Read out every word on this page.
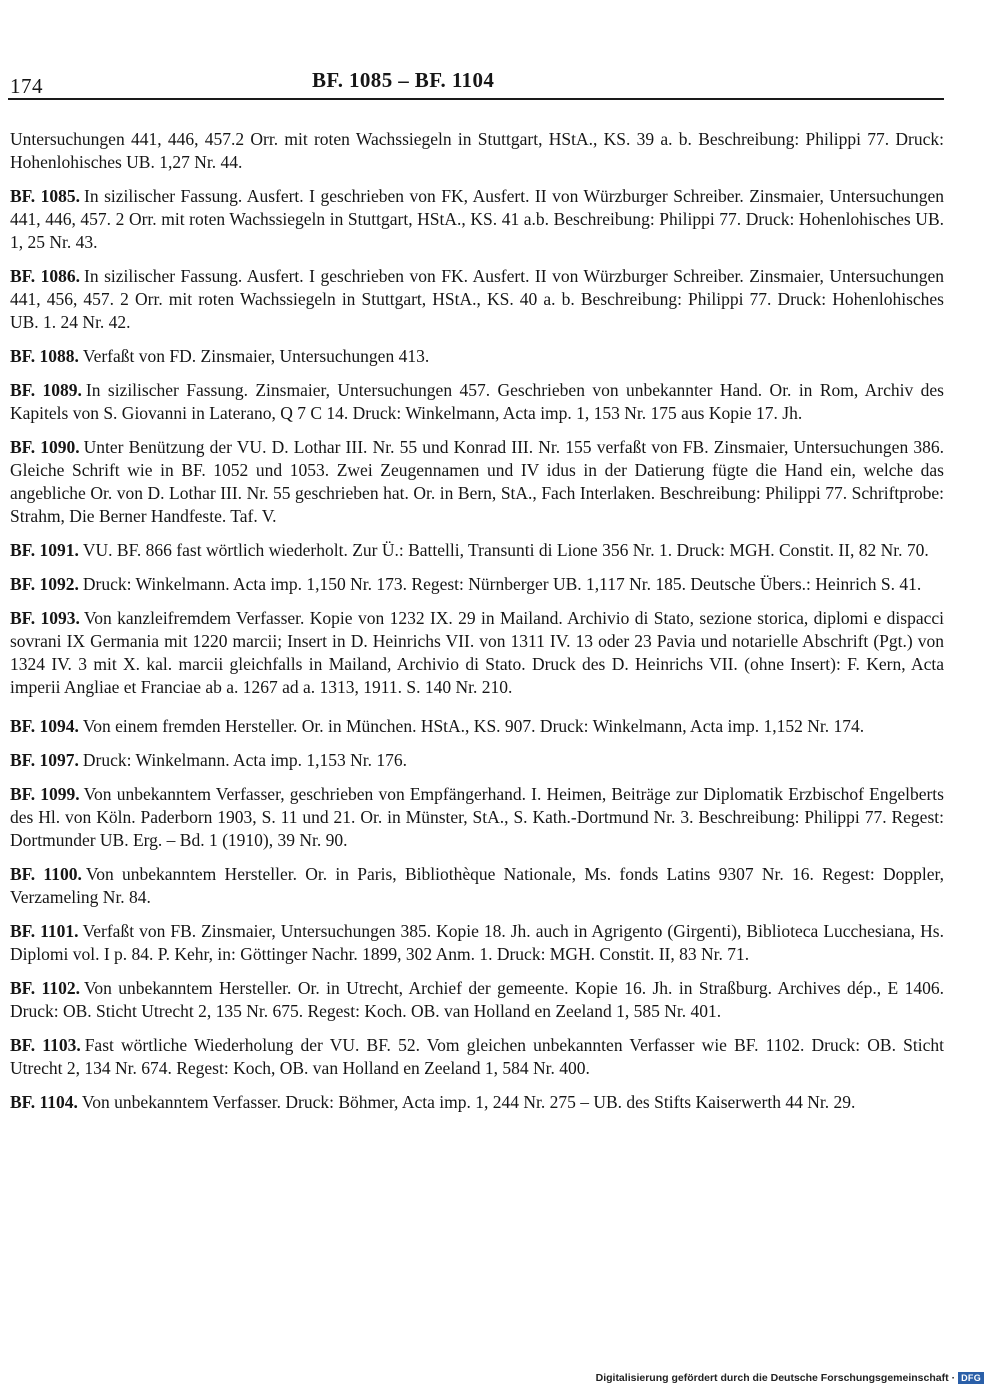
174	BF. 1085 – BF. 1104

Untersuchungen 441, 446, 457.2 Orr. mit roten Wachssiegeln in Stuttgart, HStA., KS. 39 a. b. Beschreibung: Philippi 77. Druck: Hohenlohisches UB. 1,27 Nr. 44.

BF. 1085. In sizilischer Fassung. Ausfert. I geschrieben von FK, Ausfert. II von Würzburger Schreiber. Zinsmaier, Untersuchungen 441, 446, 457. 2 Orr. mit roten Wachssiegeln in Stuttgart, HStA., KS. 41 a.b. Beschreibung: Philippi 77. Druck: Hohenlohisches UB. 1, 25 Nr. 43.

BF. 1086. In sizilischer Fassung. Ausfert. I geschrieben von FK. Ausfert. II von Würzburger Schreiber. Zinsmaier, Untersuchungen 441, 456, 457. 2 Orr. mit roten Wachssiegeln in Stuttgart, HStA., KS. 40 a. b. Beschreibung: Philippi 77. Druck: Hohenlohisches UB. 1. 24 Nr. 42.

BF. 1088. Verfaßt von FD. Zinsmaier, Untersuchungen 413.

BF. 1089. In sizilischer Fassung. Zinsmaier, Untersuchungen 457. Geschrieben von unbekannter Hand. Or. in Rom, Archiv des Kapitels von S. Giovanni in Laterano, Q 7 C 14. Druck: Winkelmann, Acta imp. 1, 153 Nr. 175 aus Kopie 17. Jh.

BF. 1090. Unter Benützung der VU. D. Lothar III. Nr. 55 und Konrad III. Nr. 155 verfaßt von FB. Zinsmaier, Untersuchungen 386. Gleiche Schrift wie in BF. 1052 und 1053. Zwei Zeugennamen und IV idus in der Datierung fügte die Hand ein, welche das angebliche Or. von D. Lothar III. Nr. 55 geschrieben hat. Or. in Bern, StA., Fach Interlaken. Beschreibung: Philippi 77. Schriftprobe: Strahm, Die Berner Handfeste. Taf. V.

BF. 1091. VU. BF. 866 fast wörtlich wiederholt. Zur Ü.: Battelli, Transunti di Lione 356 Nr. 1. Druck: MGH. Constit. II, 82 Nr. 70.

BF. 1092. Druck: Winkelmann. Acta imp. 1,150 Nr. 173. Regest: Nürnberger UB. 1,117 Nr. 185. Deutsche Übers.: Heinrich S. 41.

BF. 1093. Von kanzleifremdem Verfasser. Kopie von 1232 IX. 29 in Mailand. Archivio di Stato, sezione storica, diplomi e dispacci sovrani IX Germania mit 1220 marcii; Insert in D. Heinrichs VII. von 1311 IV. 13 oder 23 Pavia und notarielle Abschrift (Pgt.) von 1324 IV. 3 mit X. kal. marcii gleichfalls in Mailand, Archivio di Stato. Druck des D. Heinrichs VII. (ohne Insert): F. Kern, Acta imperii Angliae et Franciae ab a. 1267 ad a. 1313, 1911. S. 140 Nr. 210.

BF. 1094. Von einem fremden Hersteller. Or. in München. HStA., KS. 907. Druck: Winkelmann, Acta imp. 1,152 Nr. 174.

BF. 1097. Druck: Winkelmann. Acta imp. 1,153 Nr. 176.

BF. 1099. Von unbekanntem Verfasser, geschrieben von Empfängerhand. I. Heimen, Beiträge zur Diplomatik Erzbischof Engelberts des Hl. von Köln. Paderborn 1903, S. 11 und 21. Or. in Münster, StA., S. Kath.-Dortmund Nr. 3. Beschreibung: Philippi 77. Regest: Dortmunder UB. Erg. – Bd. 1 (1910), 39 Nr. 90.

BF. 1100. Von unbekanntem Hersteller. Or. in Paris, Bibliothèque Nationale, Ms. fonds Latins 9307 Nr. 16. Regest: Doppler, Verzameling Nr. 84.

BF. 1101. Verfaßt von FB. Zinsmaier, Untersuchungen 385. Kopie 18. Jh. auch in Agrigento (Girgenti), Biblioteca Lucchesiana, Hs. Diplomi vol. I p. 84. P. Kehr, in: Göttinger Nachr. 1899, 302 Anm. 1. Druck: MGH. Constit. II, 83 Nr. 71.

BF. 1102. Von unbekanntem Hersteller. Or. in Utrecht, Archief der gemeente. Kopie 16. Jh. in Straßburg. Archives dép., E 1406. Druck: OB. Sticht Utrecht 2, 135 Nr. 675. Regest: Koch. OB. van Holland en Zeeland 1, 585 Nr. 401.

BF. 1103. Fast wörtliche Wiederholung der VU. BF. 52. Vom gleichen unbekannten Verfasser wie BF. 1102. Druck: OB. Sticht Utrecht 2, 134 Nr. 674. Regest: Koch, OB. van Holland en Zeeland 1, 584 Nr. 400.

BF. 1104. Von unbekanntem Verfasser. Druck: Böhmer, Acta imp. 1, 244 Nr. 275 – UB. des Stifts Kaiserwerth 44 Nr. 29.

Digitalisierung gefördert durch die Deutsche Forschungsgemeinschaft · DFG
